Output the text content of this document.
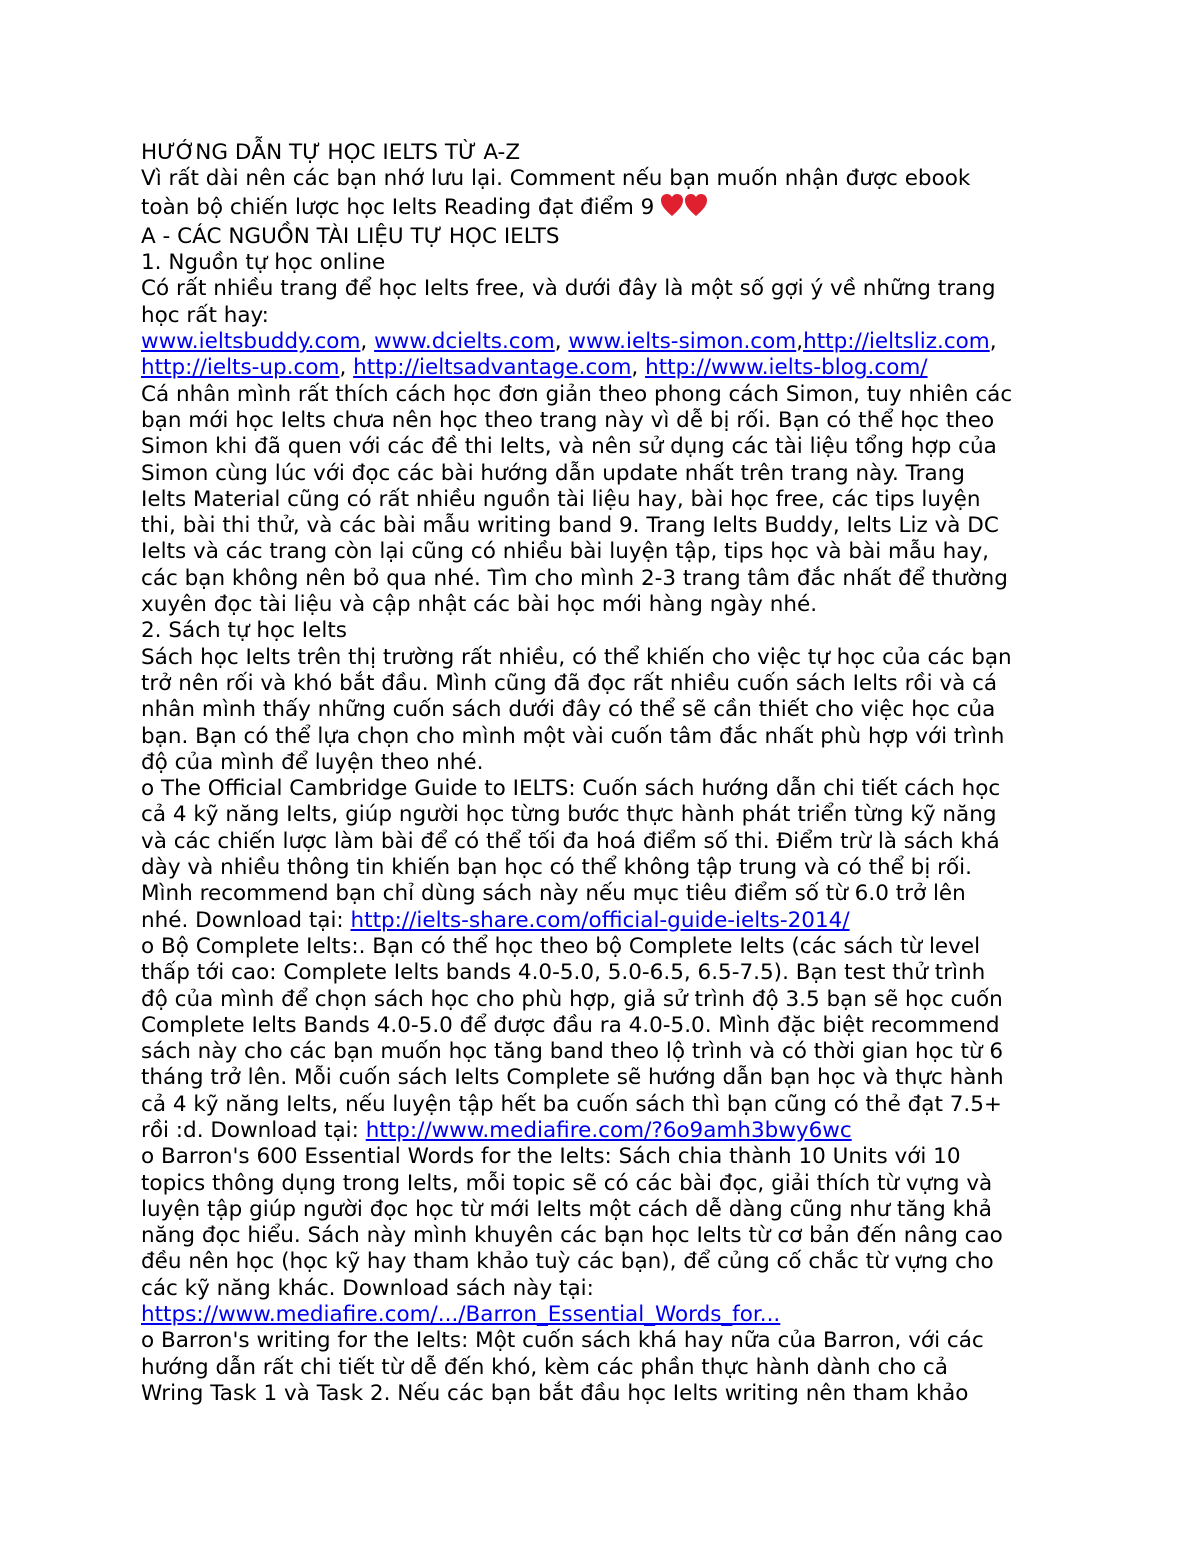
HƯỚNG DẪN TỰ HỌC IELTS TỪ A-Z
Vì rất dài nên các bạn nhớ lưu lại. Comment nếu bạn muốn nhận được ebook
toàn bộ chiến lược học Ielts Reading đạt điểm 9
A - CÁC NGUỒN TÀI LIỆU TỰ HỌC IELTS
1. Nguồn tự học online
Có rất nhiều trang để học Ielts free, và dưới đây là một số gợi ý về những trang
học rất hay:
www.ieltsbuddy.com, www.dcielts.com, www.ielts-simon.com,http://ieltsliz.com,
http://ielts-up.com, http://ieltsadvantage.com, http://www.ielts-blog.com/
Cá nhân mình rất thích cách học đơn giản theo phong cách Simon, tuy nhiên các
bạn mới học Ielts chưa nên học theo trang này vì dễ bị rối. Bạn có thể học theo
Simon khi đã quen với các đề thi Ielts, và nên sử dụng các tài liệu tổng hợp của
Simon cùng lúc với đọc các bài hướng dẫn update nhất trên trang này. Trang
Ielts Material cũng có rất nhiều nguồn tài liệu hay, bài học free, các tips luyện
thi, bài thi thử, và các bài mẫu writing band 9. Trang Ielts Buddy, Ielts Liz và DC
Ielts và các trang còn lại cũng có nhiều bài luyện tập, tips học và bài mẫu hay,
các bạn không nên bỏ qua nhé. Tìm cho mình 2-3 trang tâm đắc nhất để thường
xuyên đọc tài liệu và cập nhật các bài học mới hàng ngày nhé.
2. Sách tự học Ielts
Sách học Ielts trên thị trường rất nhiều, có thể khiến cho việc tự học của các bạn
trở nên rối và khó bắt đầu. Mình cũng đã đọc rất nhiều cuốn sách Ielts rồi và cá
nhân mình thấy những cuốn sách dưới đây có thể sẽ cần thiết cho việc học của
bạn. Bạn có thể lựa chọn cho mình một vài cuốn tâm đắc nhất phù hợp với trình
độ của mình để luyện theo nhé.
o The Official Cambridge Guide to IELTS: Cuốn sách hướng dẫn chi tiết cách học
cả 4 kỹ năng Ielts, giúp người học từng bước thực hành phát triển từng kỹ năng
và các chiến lược làm bài để có thể tối đa hoá điểm số thi. Điểm trừ là sách khá
dày và nhiều thông tin khiến bạn học có thể không tập trung và có thể bị rối.
Mình recommend bạn chỉ dùng sách này nếu mục tiêu điểm số từ 6.0 trở lên
nhé. Download tại: http://ielts-share.com/official-guide-ielts-2014/
o Bộ Complete Ielts:. Bạn có thể học theo bộ Complete Ielts (các sách từ level
thấp tới cao: Complete Ielts bands 4.0-5.0, 5.0-6.5, 6.5-7.5). Bạn test thử trình
độ của mình để chọn sách học cho phù hợp, giả sử trình độ 3.5 bạn sẽ học cuốn
Complete Ielts Bands 4.0-5.0 để được đầu ra 4.0-5.0. Mình đặc biệt recommend
sách này cho các bạn muốn học tăng band theo lộ trình và có thời gian học từ 6
tháng trở lên. Mỗi cuốn sách Ielts Complete sẽ hướng dẫn bạn học và thực hành
cả 4 kỹ năng Ielts, nếu luyện tập hết ba cuốn sách thì bạn cũng có thẻ đạt 7.5+
rồi :d. Download tại: http://www.mediafire.com/?6o9amh3bwy6wc
o Barron's 600 Essential Words for the Ielts: Sách chia thành 10 Units với 10
topics thông dụng trong Ielts, mỗi topic sẽ có các bài đọc, giải thích từ vựng và
luyện tập giúp người đọc học từ mới Ielts một cách dễ dàng cũng như tăng khả
năng đọc hiểu. Sách này mình khuyên các bạn học Ielts từ cơ bản đến nâng cao
đều nên học (học kỹ hay tham khảo tuỳ các bạn), để củng cố chắc từ vựng cho
các kỹ năng khác. Download sách này tại:
https://www.mediafire.com/.../Barron_Essential_Words_for...
o Barron's writing for the Ielts: Một cuốn sách khá hay nữa của Barron, với các
hướng dẫn rất chi tiết từ dễ đến khó, kèm các phần thực hành dành cho cả
Wring Task 1 và Task 2. Nếu các bạn bắt đầu học Ielts writing nên tham khảo
